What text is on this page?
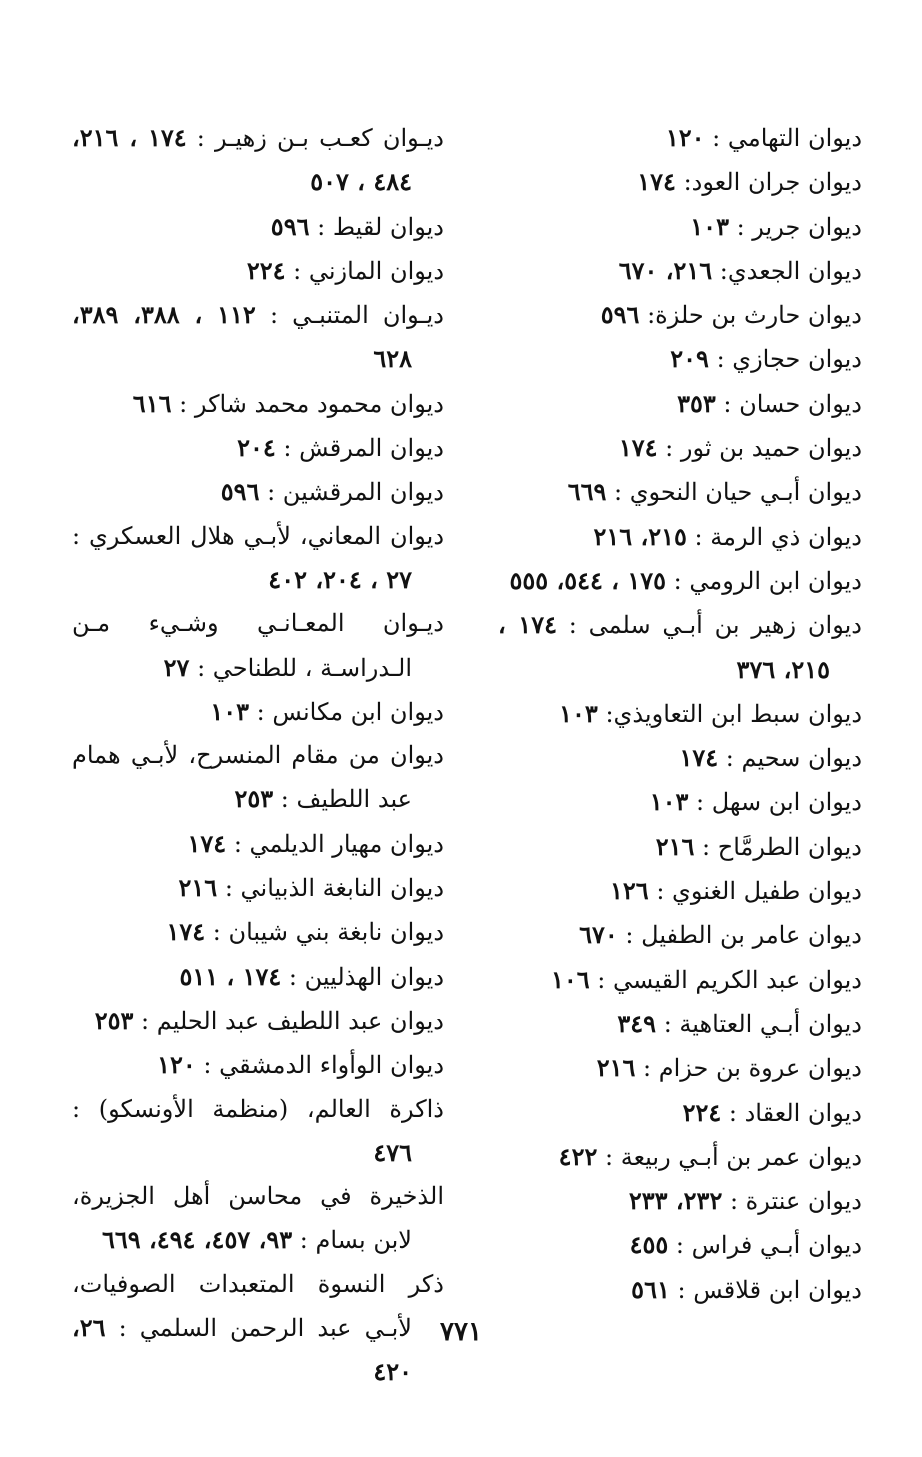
ديوان التهامي : ١٢٠

ديوان جران العود: ١٧٤

ديوان جرير : ١٠٣

ديوان الجعدي: ٢١٦، ٦٧٠

ديوان حارث بن حلزة: ٥٩٦

ديوان حجازي : ٢٠٩

ديوان حسان : ٣٥٣

ديوان حميد بن ثور : ١٧٤

ديوان أبـي حيان النحوي : ٦٦٩

ديوان ذي الرمة : ٢١٥، ٢١٦

ديوان ابن الرومي : ١٧٥ ، ٥٤٤، ٥٥٥

ديوان زهير بن أبـي سلمى : ١٧٤ ، ٢١٥، ٣٧٦

ديوان سبط ابن التعاويذي: ١٠٣

ديوان سحيم : ١٧٤

ديوان ابن سهل : ١٠٣

ديوان الطرمَّاح : ٢١٦

ديوان طفيل الغنوي : ١٢٦

ديوان عامر بن الطفيل : ٦٧٠

ديوان عبد الكريم القيسي : ١٠٦

ديوان أبـي العتاهية : ٣٤٩

ديوان عروة بن حزام : ٢١٦

ديوان العقاد : ٢٢٤

ديوان عمر بن أبـي ربيعة : ٤٢٢

ديوان عنترة : ٢٣٢، ٢٣٣

ديوان أبـي فراس : ٤٥٥

ديوان ابن قلاقس : ٥٦١

ديـوان كعـب بـن زهيـر : ١٧٤ ، ٢١٦، ٤٨٤ ، ٥٠٧

ديوان لقيط : ٥٩٦

ديوان المازني : ٢٢٤

ديـوان المتنبـي : ١١٢ ، ٣٨٨، ٣٨٩، ٦٢٨

ديوان محمود محمد شاكر : ٦١٦

ديوان المرقش : ٢٠٤

ديوان المرقشين : ٥٩٦

ديوان المعاني، لأبـي هلال العسكري : ٢٧ ، ٢٠٤، ٤٠٢

ديـوان المعـانـي وشـيء مـن الـدراسـة ، للطناحي : ٢٧

ديوان ابن مكانس : ١٠٣

ديوان من مقام المنسرح، لأبـي همام عبد اللطيف : ٢٥٣

ديوان مهيار الديلمي : ١٧٤

ديوان النابغة الذبياني : ٢١٦

ديوان نابغة بني شيبان : ١٧٤

ديوان الهذليين : ١٧٤ ، ٥١١

ديوان عبد اللطيف عبد الحليم : ٢٥٣

ديوان الوأواء الدمشقي : ١٢٠

ذاكرة العالم، (منظمة الأونسكو) : ٤٧٦

الذخيرة في محاسن أهل الجزيرة، لابن بسام : ٩٣، ٤٥٧، ٤٩٤، ٦٦٩

ذكر النسوة المتعبدات الصوفيات، لأبـي عبد الرحمن السلمي : ٢٦، ٤٢٠

٧٧١
